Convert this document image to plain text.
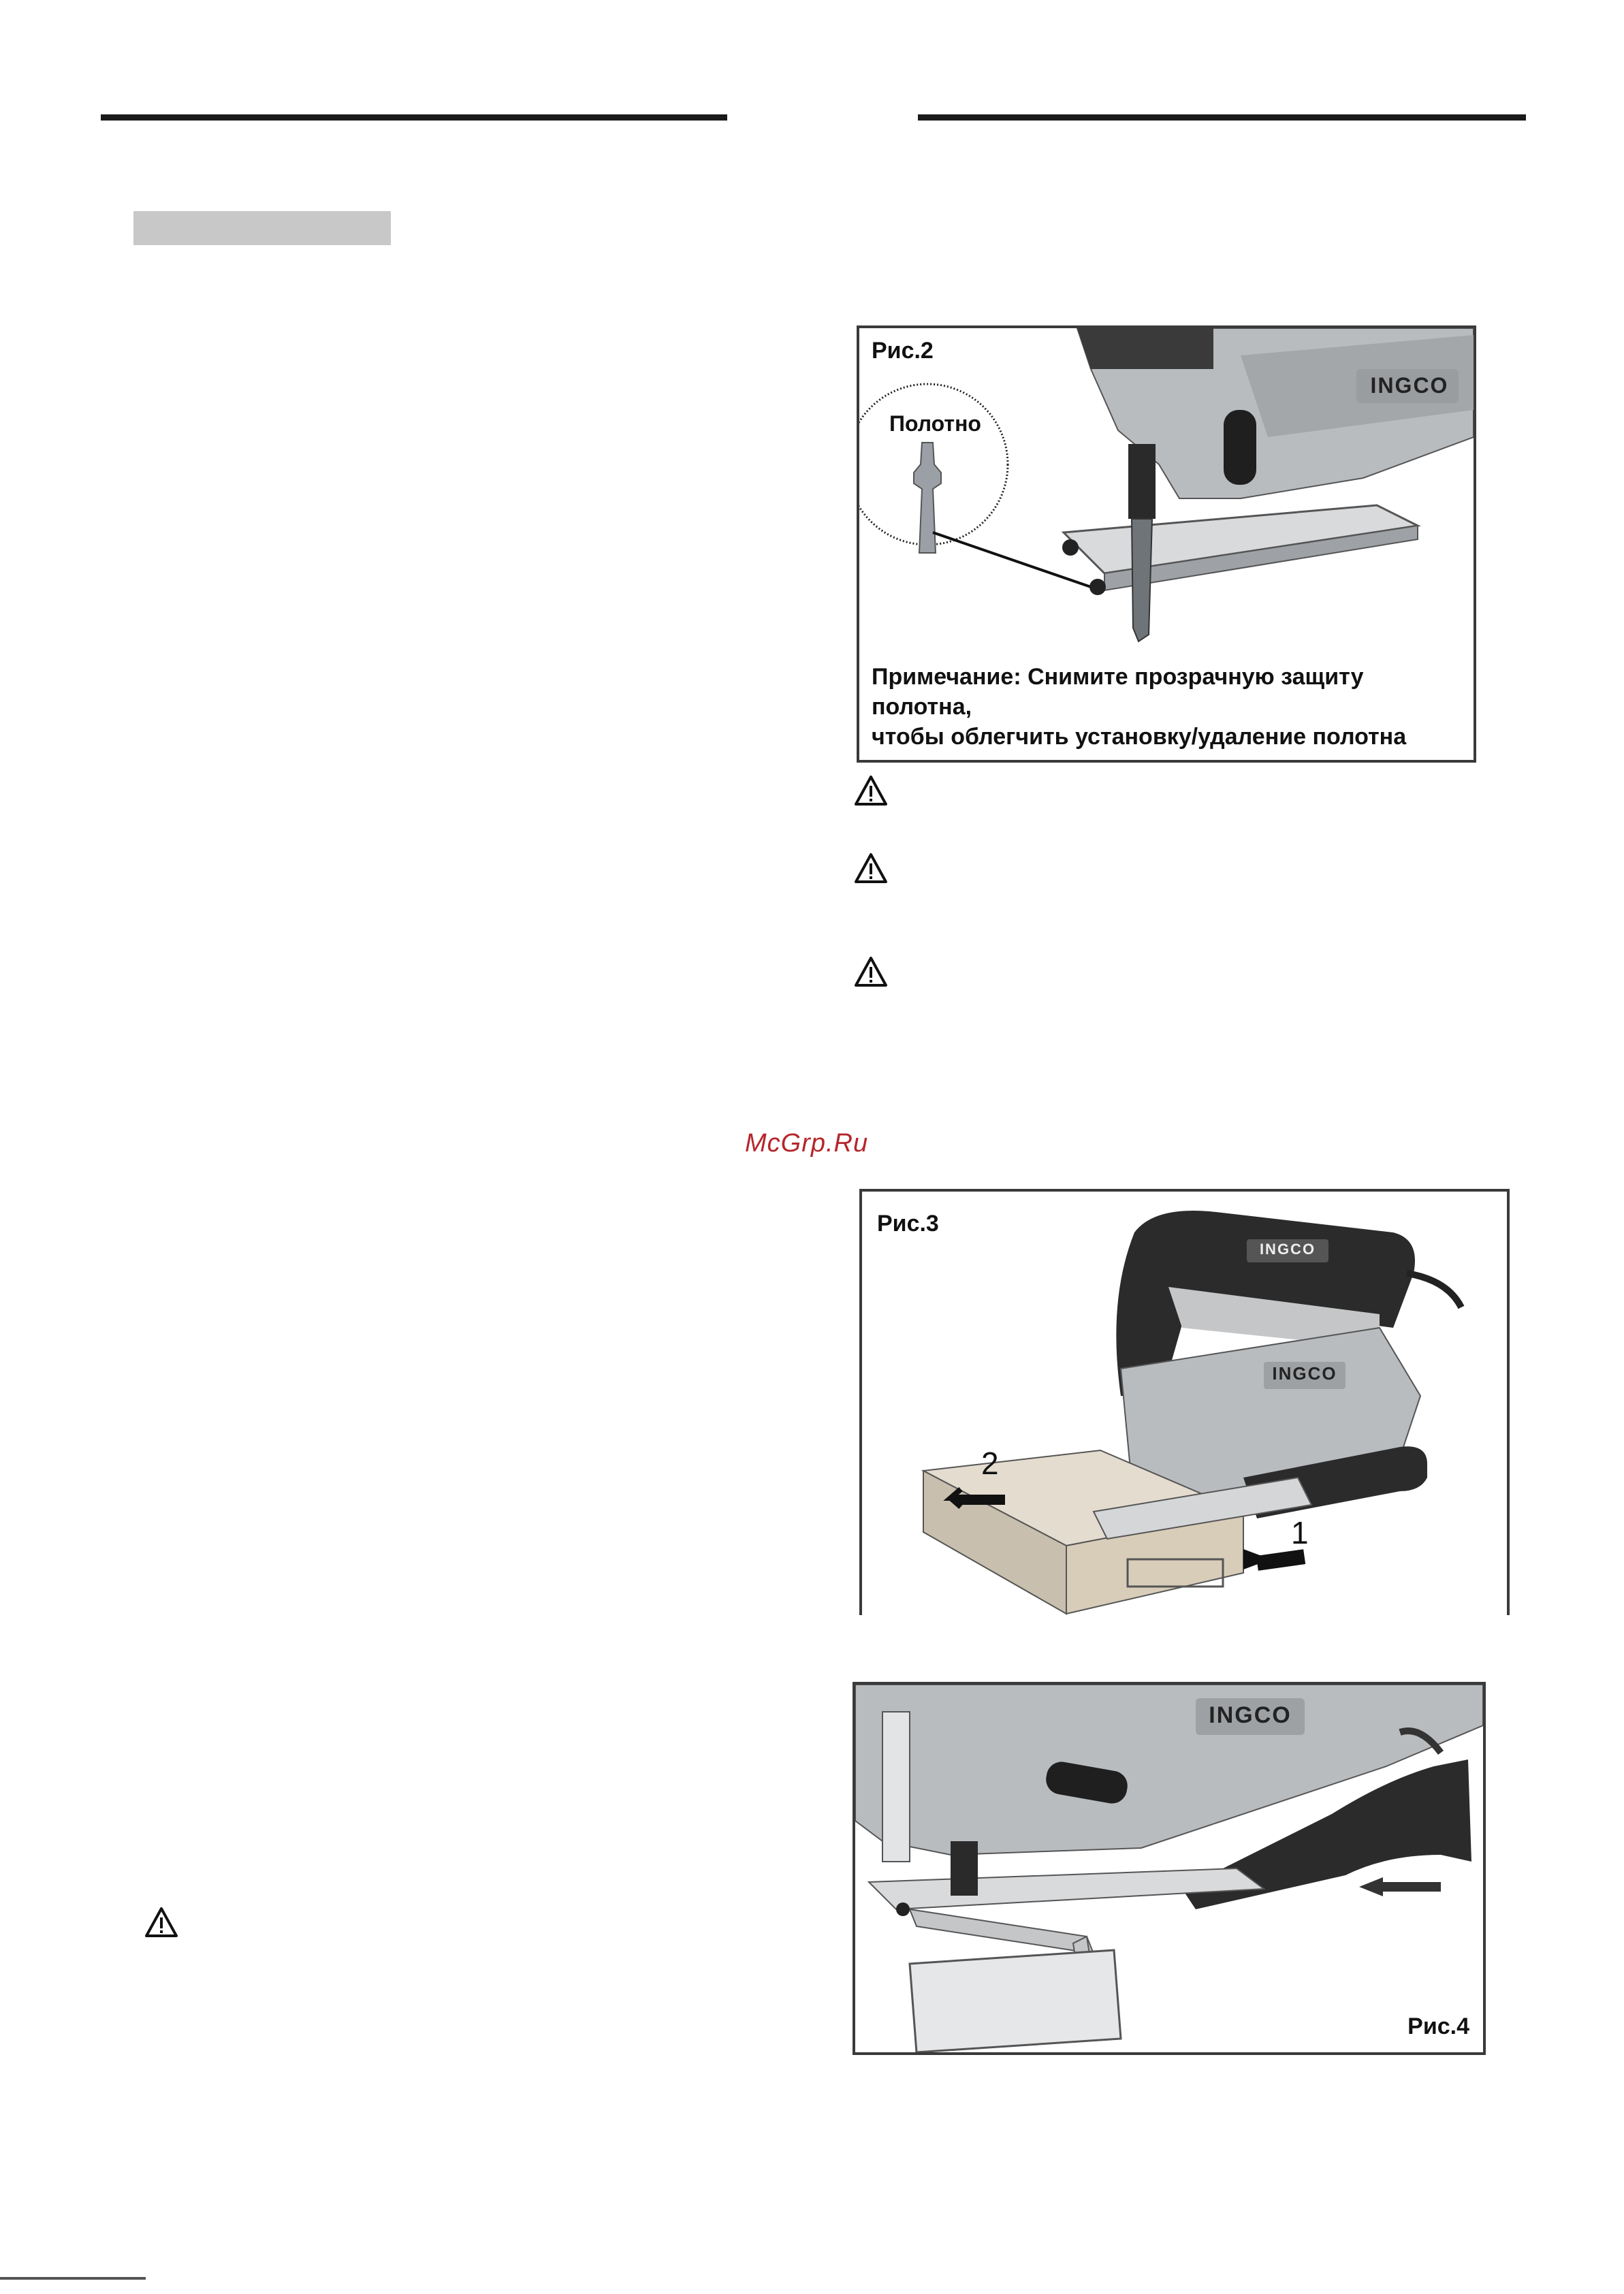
Рис.2
Полотно
INGCO
Примечание: Снимите прозрачную защиту полотна,
чтобы облегчить установку/удаление полотна
McGrp.Ru
Рис.3
2
1
INGCO
INGCO
INGCO
Рис.4
